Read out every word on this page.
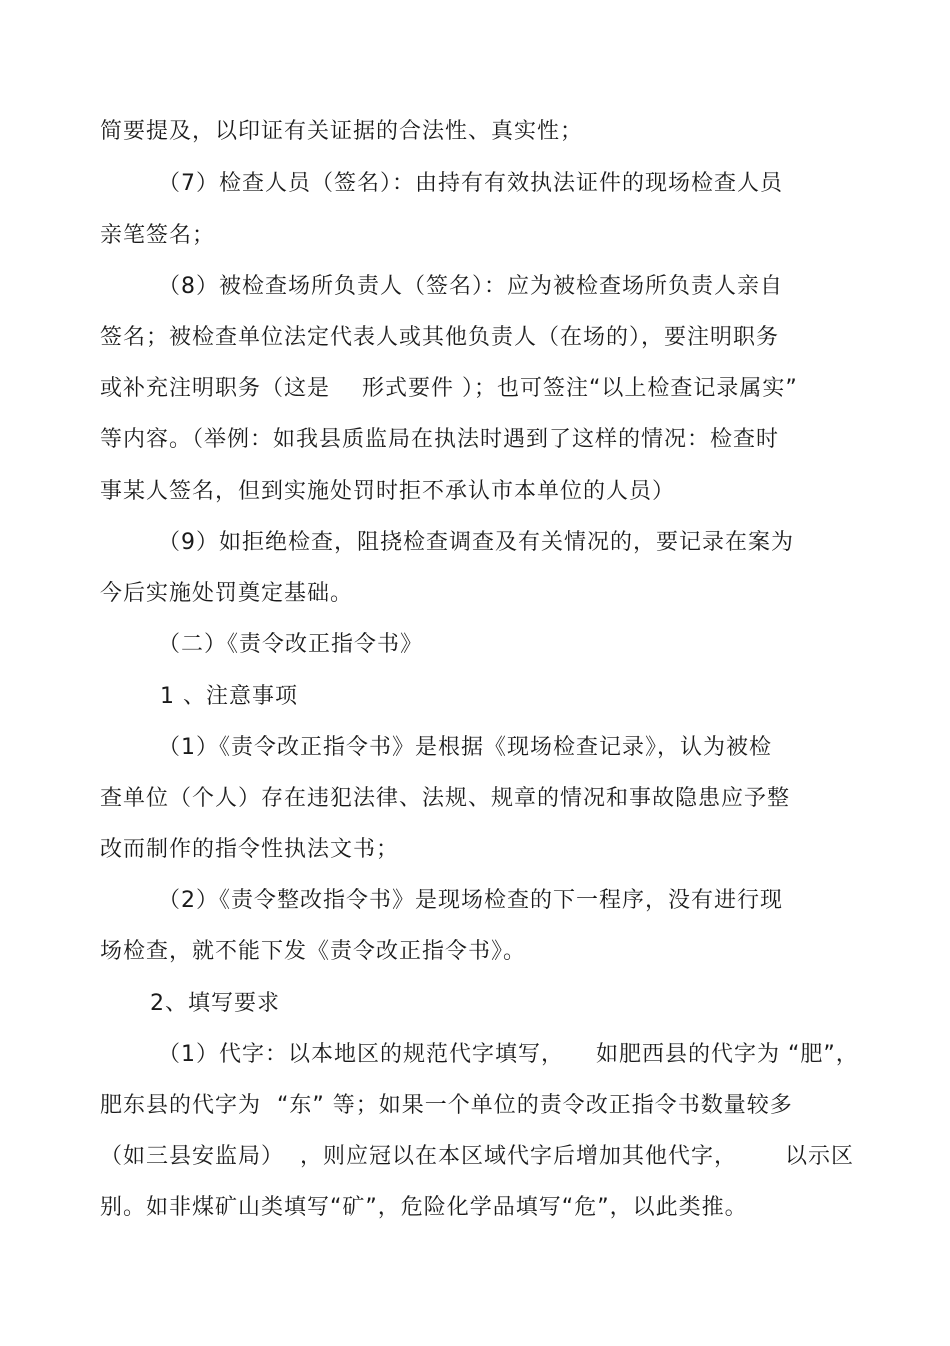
简要提及，以印证有关证据的合法性、真实性；
（7）检查人员（签名）：由持有有效执法证件的现场检查人员
亲笔签名；
（8）被检查场所负责人（签名）：应为被检查场所负责人亲自
签名；被检查单位法定代表人或其他负责人（在场的），要注明职务
或补充注明职务（这是    形式要件 ）；也可签注“以上检查记录属实”
等内容。（举例：如我县质监局在执法时遇到了这样的情况：检查时
事某人签名，但到实施处罚时拒不承认市本单位的人员）
（9）如拒绝检查，阻挠检查调查及有关情况的，要记录在案为
今后实施处罚奠定基础。
（二）《责令改正指令书》
1 、注意事项
（1）《责令改正指令书》是根据《现场检查记录》，认为被检
查单位（个人）存在违犯法律、法规、规章的情况和事故隐患应予整
改而制作的指令性执法文书；
（2）《责令整改指令书》是现场检查的下一程序，没有进行现
场检查，就不能下发《责令改正指令书》。
2、填写要求
（1）代字：以本地区的规范代字填写，    如肥西县的代字为 “肥”，
肥东县的代字为  “东” 等；如果一个单位的责令改正指令书数量较多
（如三县安监局）  ，则应冠以在本区域代字后增加其他代字，      以示区
别。如非煤矿山类填写“矿”，危险化学品填写“危”，以此类推。
